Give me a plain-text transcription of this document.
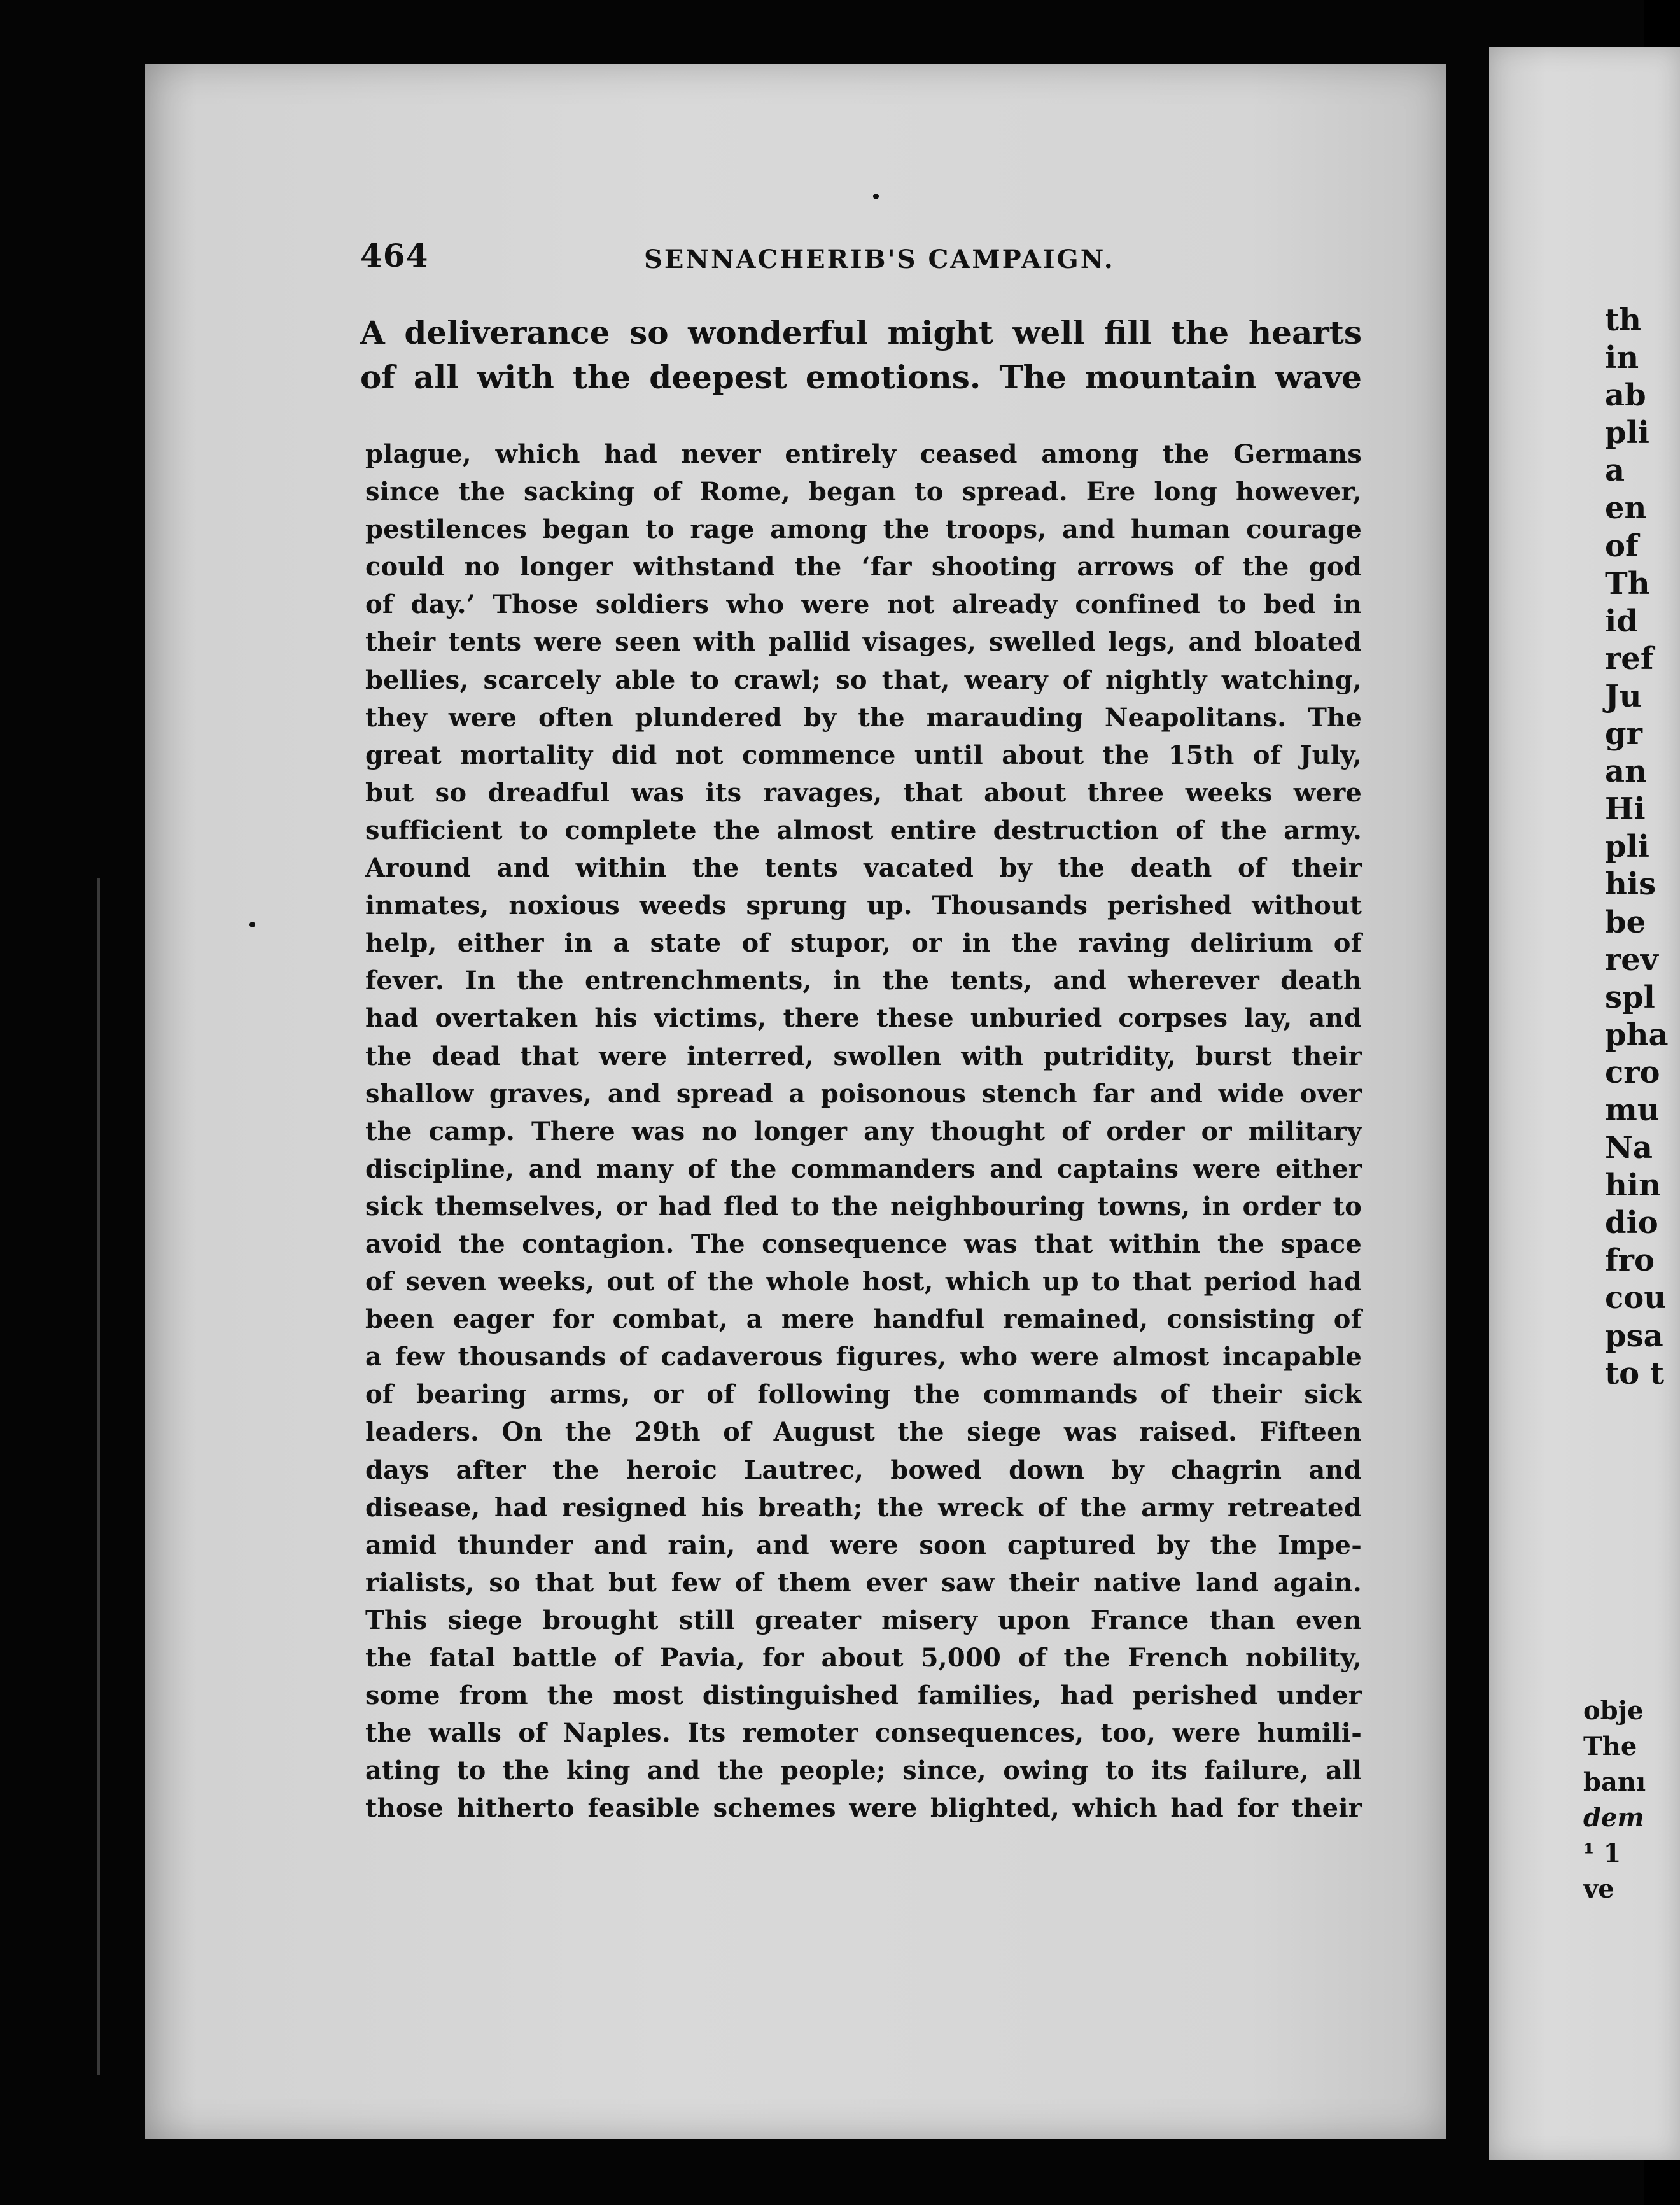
464	SENNACHERIB'S CAMPAIGN.
A deliverance so wonderful might well fill the hearts
of all with the deepest emotions. The mountain wave
plague, which had never entirely ceased among the Germans
since the sacking of Rome, began to spread. Ere long however,
pestilences began to rage among the troops, and human courage
could no longer withstand the ‘far shooting arrows of the god
of day.’ Those soldiers who were not already confined to bed in
their tents were seen with pallid visages, swelled legs, and bloated
bellies, scarcely able to crawl; so that, weary of nightly watching,
they were often plundered by the marauding Neapolitans. The
great mortality did not commence until about the 15th of July,
but so dreadful was its ravages, that about three weeks were
sufficient to complete the almost entire destruction of the army.
Around and within the tents vacated by the death of their
inmates, noxious weeds sprung up. Thousands perished without
help, either in a state of stupor, or in the raving delirium of
fever. In the entrenchments, in the tents, and wherever death
had overtaken his victims, there these unburied corpses lay, and
the dead that were interred, swollen with putridity, burst their
shallow graves, and spread a poisonous stench far and wide over
the camp. There was no longer any thought of order or military
discipline, and many of the commanders and captains were either
sick themselves, or had fled to the neighbouring towns, in order to
avoid the contagion. The consequence was that within the space
of seven weeks, out of the whole host, which up to that period had
been eager for combat, a mere handful remained, consisting of
a few thousands of cadaverous figures, who were almost incapable
of bearing arms, or of following the commands of their sick
leaders. On the 29th of August the siege was raised. Fifteen
days after the heroic Lautrec, bowed down by chagrin and
disease, had resigned his breath; the wreck of the army retreated
amid thunder and rain, and were soon captured by the Impe-
rialists, so that but few of them ever saw their native land again.
This siege brought still greater misery upon France than even
the fatal battle of Pavia, for about 5,000 of the French nobility,
some from the most distinguished families, had perished under
the walls of Naples. Its remoter consequences, too, were humili-
ating to the king and the people; since, owing to its failure, all
those hitherto feasible schemes were blighted, which had for their
th
in
ab
pli
a
en
of
Th
id
ref
Ju
gr
an
Hi
pli
his
be
rev
spl
pha
cro
mu
Na
hin
dio
fro
cou
psa
to t
obje
The
banı
dem
¹ 1
ve
